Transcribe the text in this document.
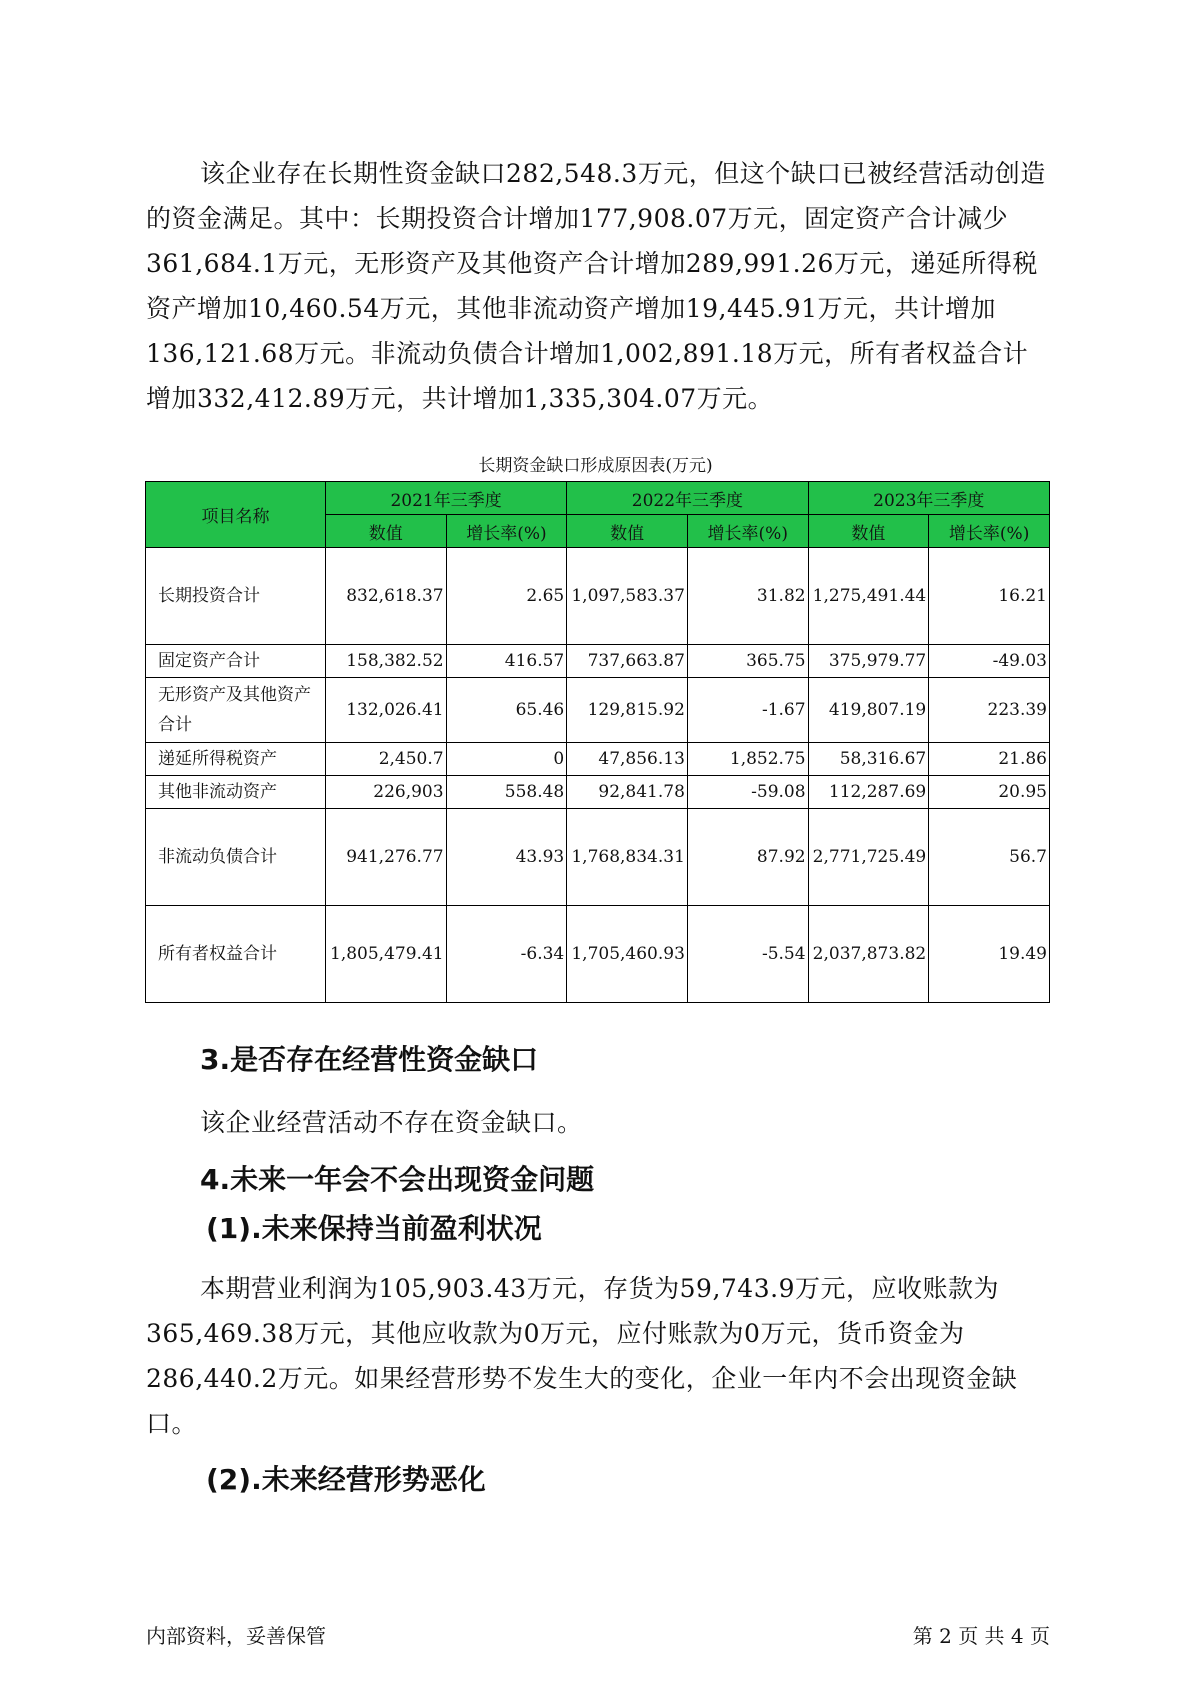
该企业存在长期性资金缺口282,548.3万元，但这个缺口已被经营活动创造的资金满足。其中：长期投资合计增加177,908.07万元，固定资产合计减少361,684.1万元，无形资产及其他资产合计增加289,991.26万元，递延所得税资产增加10,460.54万元，其他非流动资产增加19,445.91万元，共计增加136,121.68万元。非流动负债合计增加1,002,891.18万元，所有者权益合计增加332,412.89万元，共计增加1,335,304.07万元。
长期资金缺口形成原因表(万元)
项目名称	2021年三季度		2022年三季度		2023年三季度	
	数值	增长率(%)	数值	增长率(%)	数值	增长率(%)
长期投资合计	832,618.37	2.65	1,097,583.37	31.82	1,275,491.44	16.21
固定资产合计	158,382.52	416.57	737,663.87	365.75	375,979.77	-49.03
无形资产及其他资产合计	132,026.41	65.46	129,815.92	-1.67	419,807.19	223.39
递延所得税资产	2,450.7	0	47,856.13	1,852.75	58,316.67	21.86
其他非流动资产	226,903	558.48	92,841.78	-59.08	112,287.69	20.95
非流动负债合计	941,276.77	43.93	1,768,834.31	87.92	2,771,725.49	56.7
所有者权益合计	1,805,479.41	-6.34	1,705,460.93	-5.54	2,037,873.82	19.49
3.是否存在经营性资金缺口
该企业经营活动不存在资金缺口。
4.未来一年会不会出现资金问题
(1).未来保持当前盈利状况
本期营业利润为105,903.43万元，存货为59,743.9万元，应收账款为365,469.38万元，其他应收款为0万元，应付账款为0万元，货币资金为286,440.2万元。如果经营形势不发生大的变化，企业一年内不会出现资金缺口。
(2).未来经营形势恶化
内部资料，妥善保管	第 2 页 共 4 页
